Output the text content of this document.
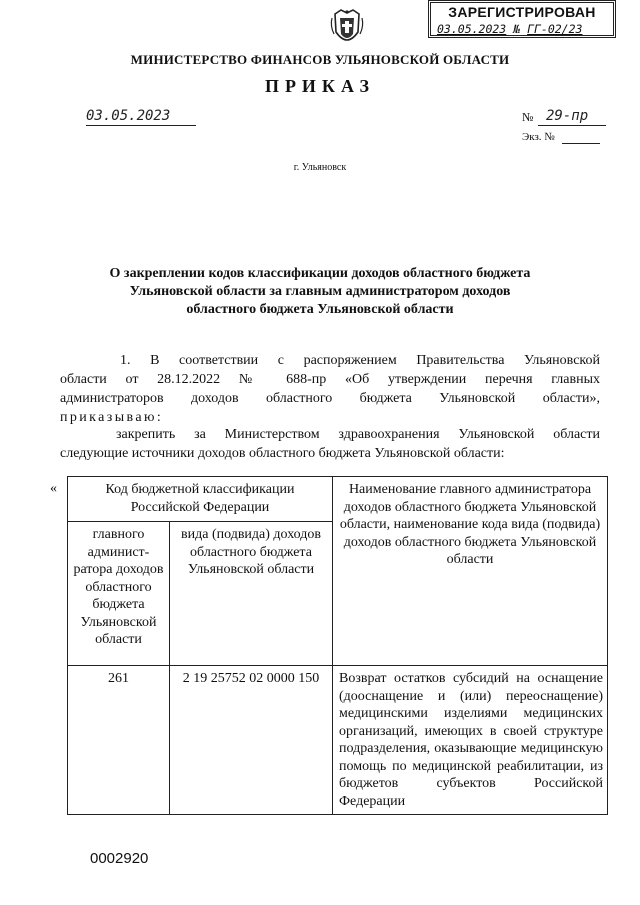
ЗАРЕГИСТРИРОВАН
03.05.2023 № ГГ-02/23
МИНИСТЕРСТВО ФИНАНСОВ УЛЬЯНОВСКОЙ ОБЛАСТИ
ПРИКАЗ
03.05.2023	№ 29-пр
Экз. №
г. Ульяновск
О закреплении кодов классификации доходов областного бюджета
Ульяновской области за главным администратором доходов
областного бюджета Ульяновской области
1. В соответствии с распоряжением Правительства Ульяновской
области от 28.12.2022 № 688-пр «Об утверждении перечня главных
администраторов доходов областного бюджета Ульяновской области»,
приказываю:
закрепить за Министерством здравоохранения Ульяновской области
следующие источники доходов областного бюджета Ульяновской области:
«	Код бюджетной классификации Российской Федерации		Наименование главного администратора доходов областного бюджета Ульяновской области, наименование кода вида (подвида) доходов областного бюджета Ульяновской области
главного админист-ратора доходов областного бюджета Ульяновской области	вида (подвида) доходов областного бюджета Ульяновской области	
261	2 19 25752 02 0000 150	Возврат остатков субсидий на оснащение (дооснащение и (или) переоснащение) медицинскими изделиями медицинских организаций, имеющих в своей структуре подразделения, оказывающие медицинскую помощь по медицинской реабилитации, из бюджетов субъектов Российской Федерации
0002920
